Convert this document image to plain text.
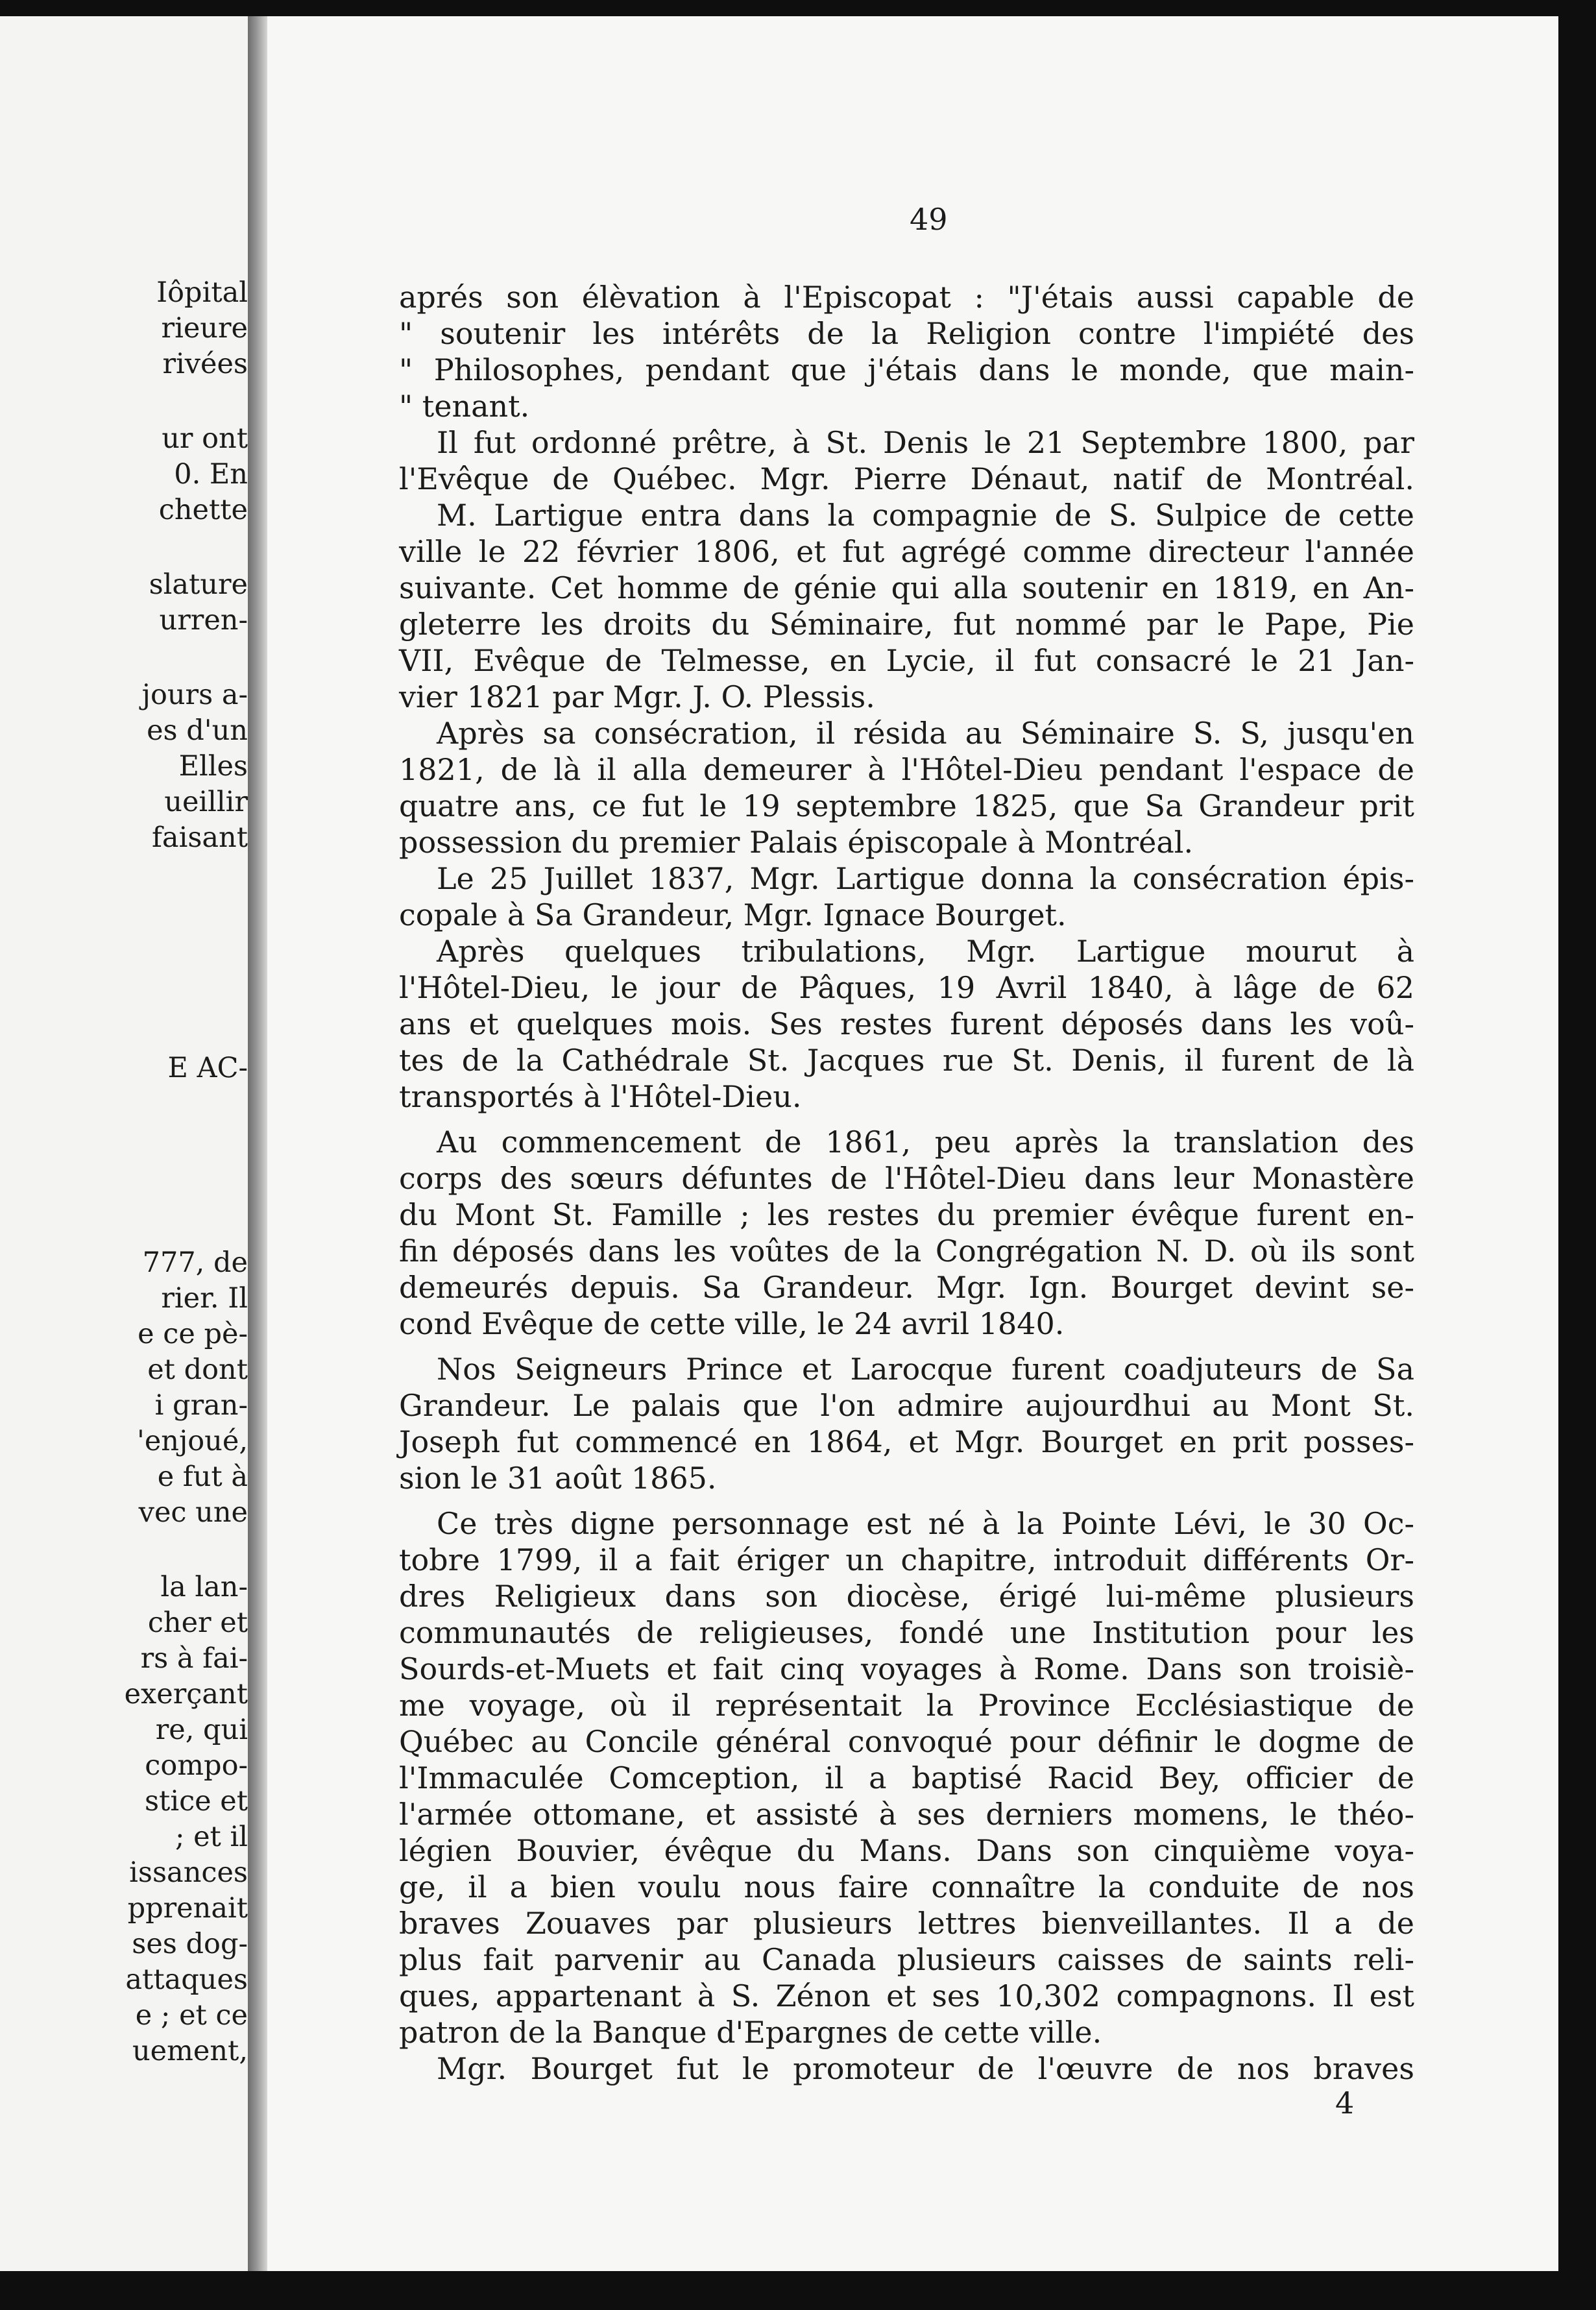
Iôpital
rieure
rivées
ur ont
0. En
chette
slature
urren-
jours a-
es d'un
Elles
ueillir
faisant
E AC-
777, de
rier. Il
e ce pè-
et dont
i gran-
'enjoué,
e fut à
vec une
la lan-
cher et
rs à fai-
exerçant
re, qui
compo-
stice et
; et il
issances
pprenait
ses dog-
attaques
e ; et ce
uement,
49
aprés son élèvation à l'Episcopat : "J'étais aussi capable de
" soutenir les intérêts de la Religion contre l'impiété des
" Philosophes, pendant que j'étais dans le monde, que main-
" tenant.
Il fut ordonné prêtre, à St. Denis le 21 Septembre 1800, par
l'Evêque de Québec. Mgr. Pierre Dénaut, natif de Montréal.
M. Lartigue entra dans la compagnie de S. Sulpice de cette
ville le 22 février 1806, et fut agrégé comme directeur l'année
suivante. Cet homme de génie qui alla soutenir en 1819, en An-
gleterre les droits du Séminaire, fut nommé par le Pape, Pie
VII, Evêque de Telmesse, en Lycie, il fut consacré le 21 Jan-
vier 1821 par Mgr. J. O. Plessis.
Après sa consécration, il résida au Séminaire S. S, jusqu'en
1821, de là il alla demeurer à l'Hôtel-Dieu pendant l'espace de
quatre ans, ce fut le 19 septembre 1825, que Sa Grandeur prit
possession du premier Palais épiscopale à Montréal.
Le 25 Juillet 1837, Mgr. Lartigue donna la consécration épis-
copale à Sa Grandeur, Mgr. Ignace Bourget.
Après quelques tribulations, Mgr. Lartigue mourut à
l'Hôtel-Dieu, le jour de Pâques, 19 Avril 1840, à lâge de 62
ans et quelques mois. Ses restes furent déposés dans les voû-
tes de la Cathédrale St. Jacques rue St. Denis, il furent de là
transportés à l'Hôtel-Dieu.
Au commencement de 1861, peu après la translation des
corps des sœurs défuntes de l'Hôtel-Dieu dans leur Monastère
du Mont St. Famille ; les restes du premier évêque furent en-
fin déposés dans les voûtes de la Congrégation N. D. où ils sont
demeurés depuis. Sa Grandeur. Mgr. Ign. Bourget devint se-
cond Evêque de cette ville, le 24 avril 1840.
Nos Seigneurs Prince et Larocque furent coadjuteurs de Sa
Grandeur. Le palais que l'on admire aujourdhui au Mont St.
Joseph fut commencé en 1864, et Mgr. Bourget en prit posses-
sion le 31 août 1865.
Ce très digne personnage est né à la Pointe Lévi, le 30 Oc-
tobre 1799, il a fait ériger un chapitre, introduit différents Or-
dres Religieux dans son diocèse, érigé lui-même plusieurs
communautés de religieuses, fondé une Institution pour les
Sourds-et-Muets et fait cinq voyages à Rome. Dans son troisiè-
me voyage, où il représentait la Province Ecclésiastique de
Québec au Concile général convoqué pour définir le dogme de
l'Immaculée Comception, il a baptisé Racid Bey, officier de
l'armée ottomane, et assisté à ses derniers momens, le théo-
légien Bouvier, évêque du Mans. Dans son cinquième voya-
ge, il a bien voulu nous faire connaître la conduite de nos
braves Zouaves par plusieurs lettres bienveillantes. Il a de
plus fait parvenir au Canada plusieurs caisses de saints reli-
ques, appartenant à S. Zénon et ses 10,302 compagnons. Il est
patron de la Banque d'Epargnes de cette ville.
Mgr. Bourget fut le promoteur de l'œuvre de nos braves
4
